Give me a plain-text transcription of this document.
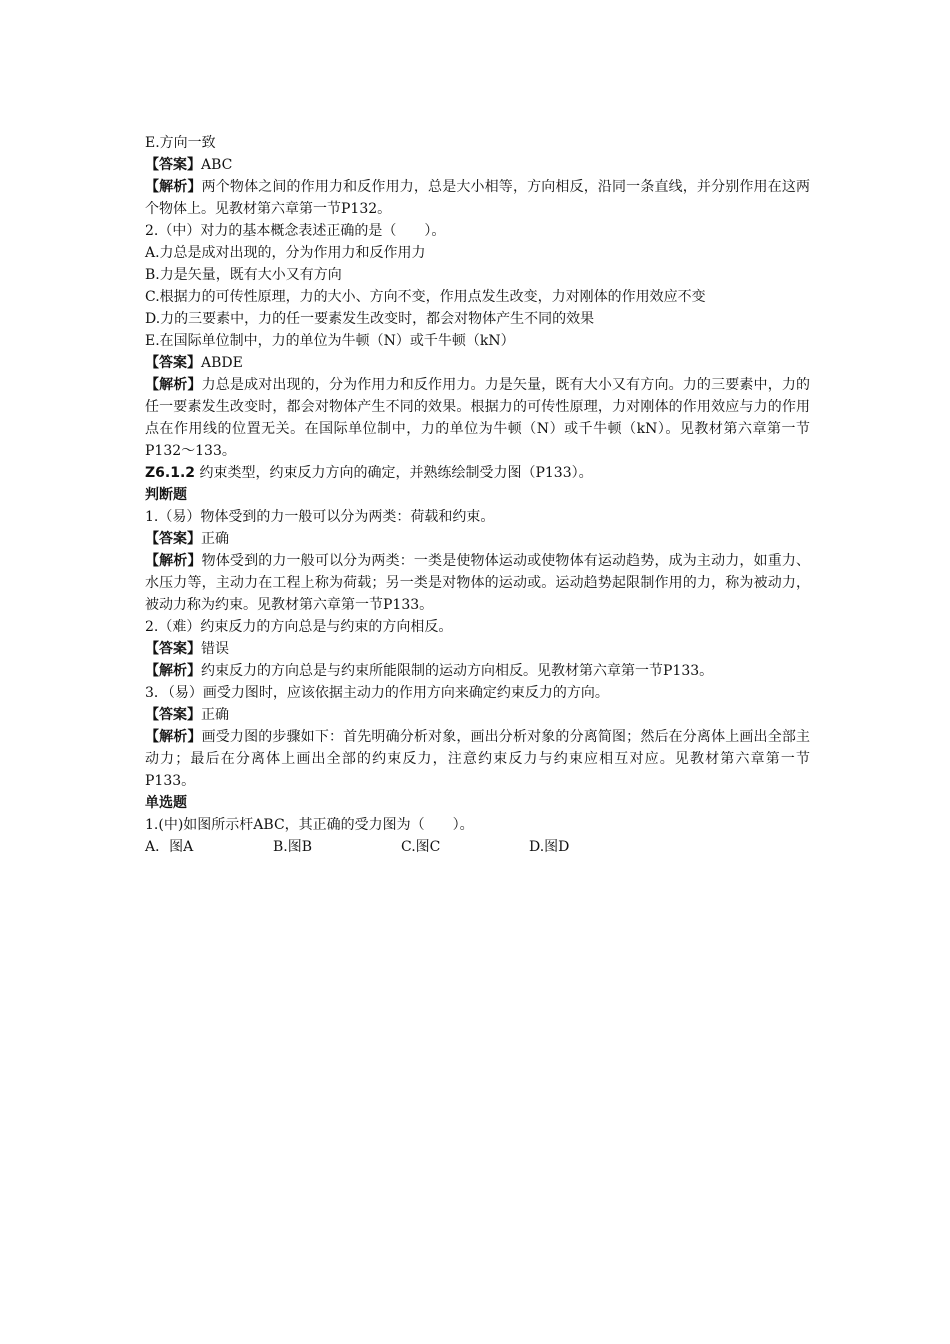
E.方向一致
【答案】ABC
【解析】两个物体之间的作用力和反作用力，总是大小相等，方向相反，沿同一条直线，并分别作用在这两个物体上。见教材第六章第一节P132。
2.（中）对力的基本概念表述正确的是（　　）。
A.力总是成对出现的，分为作用力和反作用力
B.力是矢量，既有大小又有方向
C.根据力的可传性原理，力的大小、方向不变，作用点发生改变，力对刚体的作用效应不变
D.力的三要素中，力的任一要素发生改变时，都会对物体产生不同的效果
E.在国际单位制中，力的单位为牛顿（N）或千牛顿（kN）
【答案】ABDE
【解析】力总是成对出现的，分为作用力和反作用力。力是矢量，既有大小又有方向。力的三要素中，力的任一要素发生改变时，都会对物体产生不同的效果。根据力的可传性原理，力对刚体的作用效应与力的作用点在作用线的位置无关。在国际单位制中，力的单位为牛顿（N）或千牛顿（kN）。见教材第六章第一节P132～133。
Z6.1.2 约束类型，约束反力方向的确定，并熟练绘制受力图（P133）。
判断题
1.（易）物体受到的力一般可以分为两类：荷载和约束。
【答案】正确
【解析】物体受到的力一般可以分为两类：一类是使物体运动或使物体有运动趋势，成为主动力，如重力、水压力等，主动力在工程上称为荷载；另一类是对物体的运动或。运动趋势起限制作用的力，称为被动力，被动力称为约束。见教材第六章第一节P133。
2.（难）约束反力的方向总是与约束的方向相反。
【答案】错误
【解析】约束反力的方向总是与约束所能限制的运动方向相反。见教材第六章第一节P133。
3．（易）画受力图时，应该依据主动力的作用方向来确定约束反力的方向。
【答案】正确
【解析】画受力图的步骤如下：首先明确分析对象，画出分析对象的分离简图；然后在分离体上画出全部主动力；最后在分离体上画出全部的约束反力，注意约束反力与约束应相互对应。见教材第六章第一节P133。
单选题
1.(中)如图所示杆ABC，其正确的受力图为（　　）。
A．图A	B.图B	C.图C	D.图D
